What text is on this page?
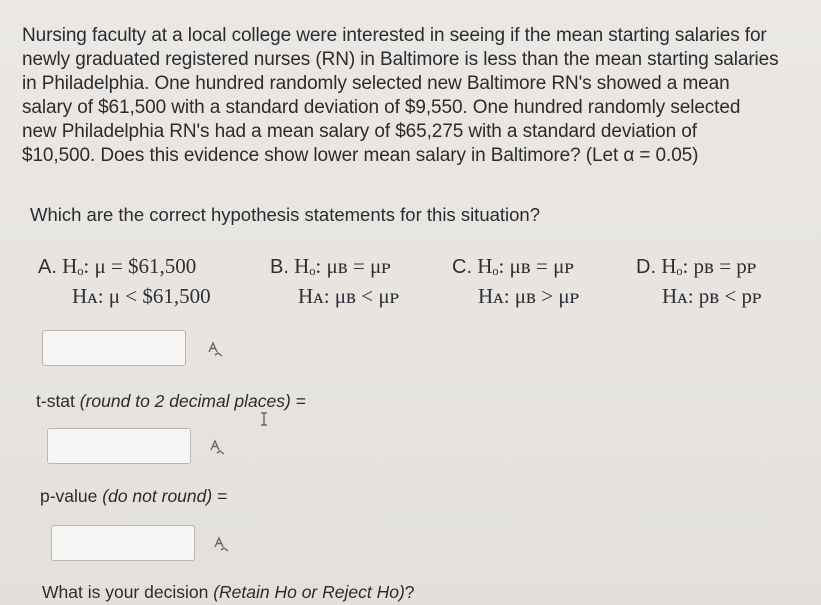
Nursing faculty at a local college were interested in seeing if the mean starting salaries for
newly graduated registered nurses (RN) in Baltimore is less than the mean starting salaries
in Philadelphia. One hundred randomly selected new Baltimore RN's showed a mean
salary of $61,500 with a standard deviation of $9,550. One hundred randomly selected
new Philadelphia RN's had a mean salary of $65,275 with a standard deviation of
$10,500. Does this evidence show lower mean salary in Baltimore? (Let α = 0.05)
Which are the correct hypothesis statements for this situation?
A. Hₒ: μ = $61,500
Hᴀ: μ < $61,500
B. Hₒ: μʙ = μᴘ
Hᴀ: μʙ < μᴘ
C. Hₒ: μʙ = μᴘ
Hᴀ: μʙ > μᴘ
D. Hₒ: pʙ = pᴘ
Hᴀ: pʙ < pᴘ
t-stat (round to 2 decimal places) =
p-value (do not round) =
What is your decision (Retain Ho or Reject Ho)?
